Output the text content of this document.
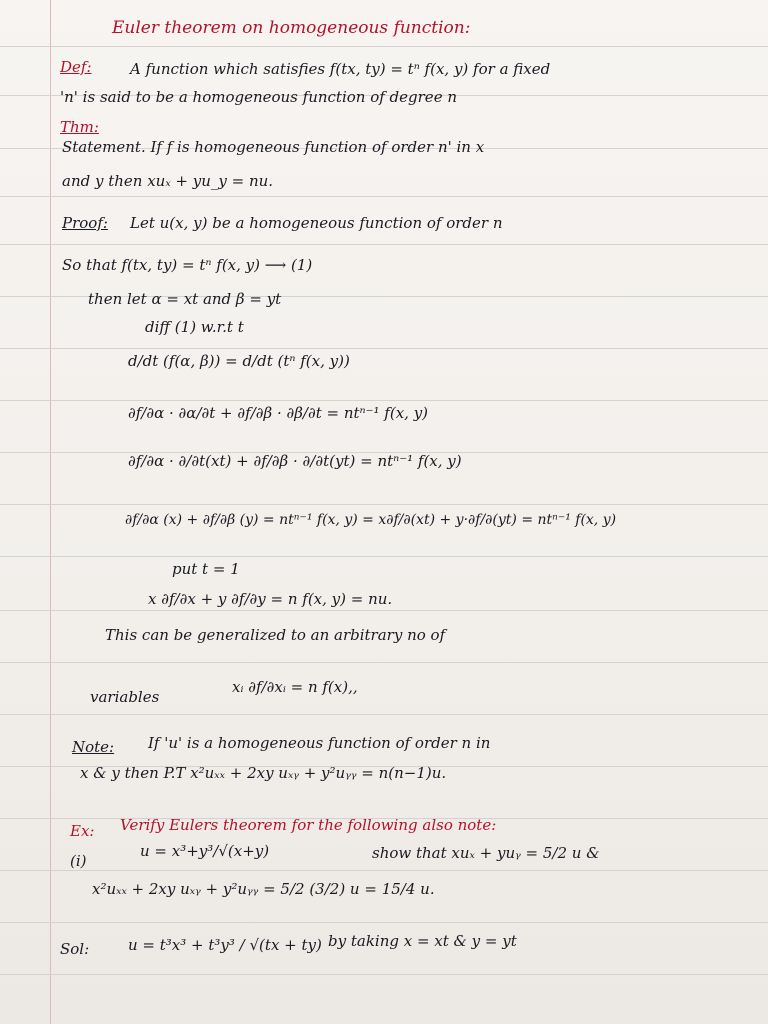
Euler theorem on homogeneous function:
Def:	A function which satisfies f(tx, ty) = tⁿ f(x, y) for a fixed
'n' is said to be a homogeneous function of degree n
Thm:
Statement. If f is homogeneous function of order n' in x
and y then xuₓ + yu_y = nu.
Proof: Let u(x, y) be a homogeneous function of order n
So that f(tx, ty) = tⁿ f(x, y) ⟶ (1)
then let α = xt and β = yt
diff (1) w.r.t t
d/dt (f(α, β)) = d/dt (tⁿ f(x, y))
∂f/∂α · ∂α/∂t + ∂f/∂β · ∂β/∂t = ntⁿ⁻¹ f(x, y)
∂f/∂α · ∂/∂t(xt) + ∂f/∂β · ∂/∂t(yt) = ntⁿ⁻¹ f(x, y)
∂f/∂α (x) + ∂f/∂β (y) = ntⁿ⁻¹ f(x, y) = x∂f/∂(xt) + y·∂f/∂(yt) = ntⁿ⁻¹ f(x, y)
put t = 1
x ∂f/∂x + y ∂f/∂y = n f(x, y) = nu.
This can be generalized to an arbitrary no of
variables
xᵢ ∂f/∂xᵢ = n f(x),,
Note: If 'u' is a homogeneous function of order n in
x & y then P.T x²uₓₓ + 2xy uₓᵧ + y²uᵧᵧ = n(n−1)u.
Ex: Verify Eulers theorem for the following also note:
(i)
u = x³+y³/√(x+y)	show that xuₓ + yuᵧ = 5/2 u &
x²uₓₓ + 2xy uₓᵧ + y²uᵧᵧ = 5/2 (3/2) u = 15/4 u.
Sol:	u = t³x³ + t³y³ / √(tx + ty) by taking x = xt & y = yt
